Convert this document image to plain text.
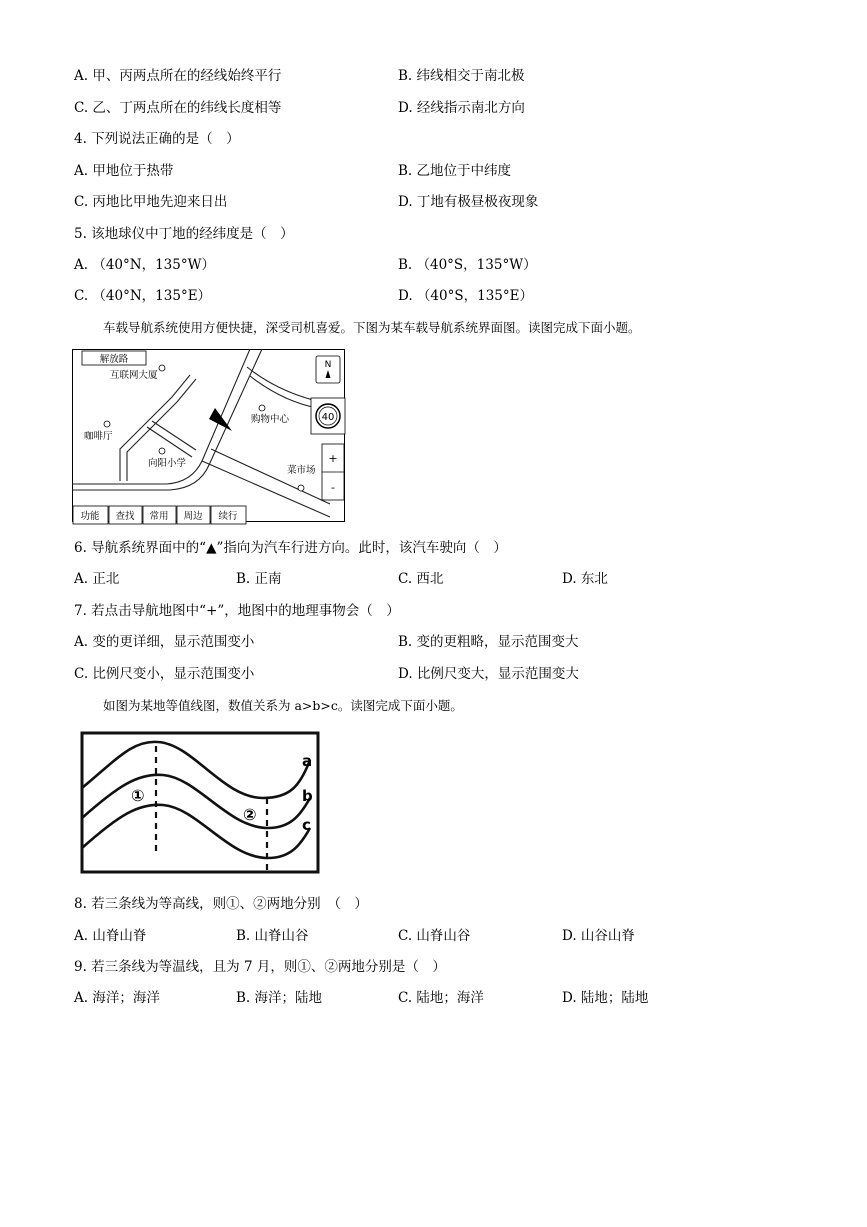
A. 甲、丙两点所在的经线始终平行	B. 纬线相交于南北极
C. 乙、丁两点所在的纬线长度相等	D. 经线指示南北方向
4. 下列说法正确的是（　）
A. 甲地位于热带	B. 乙地位于中纬度
C. 丙地比甲地先迎来日出	D. 丁地有极昼极夜现象
5. 该地球仪中丁地的经纬度是（　）
A. （40°N，135°W）	B. （40°S，135°W）
C. （40°N，135°E）	D. （40°S，135°E）
车载导航系统使用方便快捷，深受司机喜爱。下图为某车载导航系统界面图。读图完成下面小题。
解放路
互联网大厦
咖啡厅
向阳小学
购物中心
菜市场
N
40
+
-
功能 查找 常用 周边 续行
6. 导航系统界面中的“▲”指向为汽车行进方向。此时，该汽车驶向（　）
A. 正北	B. 正南	C. 西北	D. 东北
7. 若点击导航地图中“+”，地图中的地理事物会（　）
A. 变的更详细，显示范围变小	B. 变的更粗略，显示范围变大
C. 比例尺变小，显示范围变小	D. 比例尺变大，显示范围变大
如图为某地等值线图，数值关系为 a>b>c。读图完成下面小题。
a
b
c
①
②
8. 若三条线为等高线，则①、②两地分别　（　）
A. 山脊山脊	B. 山脊山谷	C. 山脊山谷	D. 山谷山脊
9. 若三条线为等温线，且为 7 月，则①、②两地分别是（　）
A. 海洋；海洋	B. 海洋；陆地	C. 陆地；海洋	D. 陆地；陆地
